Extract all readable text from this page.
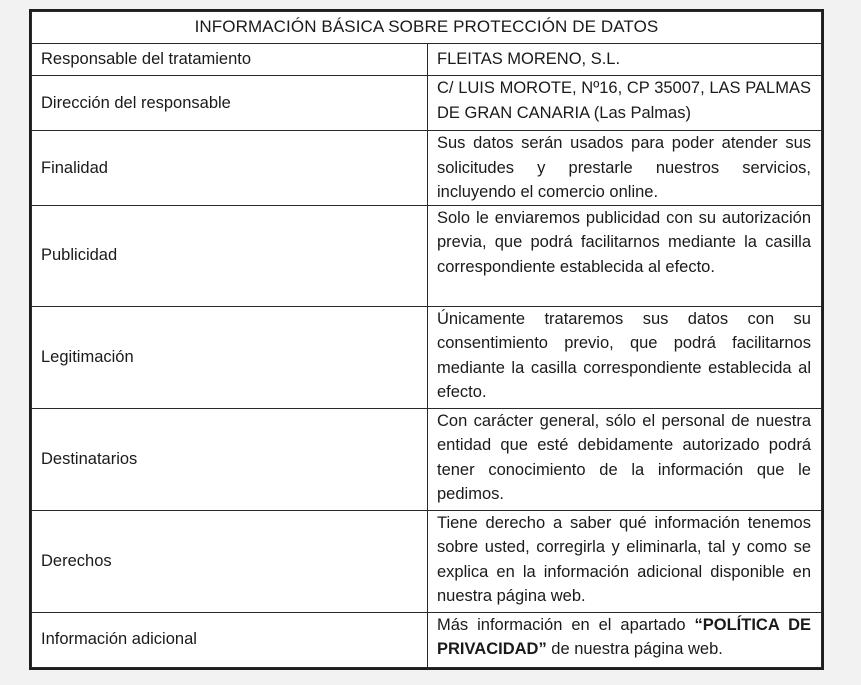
INFORMACIÓN BÁSICA SOBRE PROTECCIÓN DE DATOS	
Responsable del tratamiento	FLEITAS MORENO, S.L.
Dirección del responsable	C/ LUIS MOROTE, Nº16, CP 35007, LAS PALMAS DE GRAN CANARIA (Las Palmas)
Finalidad	Sus datos serán usados para poder atender sus solicitudes y prestarle nuestros servicios, incluyendo el comercio online.
Publicidad	Solo le enviaremos publicidad con su autorización previa, que podrá facilitarnos mediante la casilla correspondiente establecida al efecto.
Legitimación	Únicamente trataremos sus datos con su consentimiento previo, que podrá facilitarnos mediante la casilla correspondiente establecida al efecto.
Destinatarios	Con carácter general, sólo el personal de nuestra entidad que esté debidamente autorizado podrá tener conocimiento de la información que le pedimos.
Derechos	Tiene derecho a saber qué información tenemos sobre usted, corregirla y eliminarla, tal y como se explica en la información adicional disponible en nuestra página web.
Información adicional	Más información en el apartado “POLÍTICA DE PRIVACIDAD” de nuestra página web.
